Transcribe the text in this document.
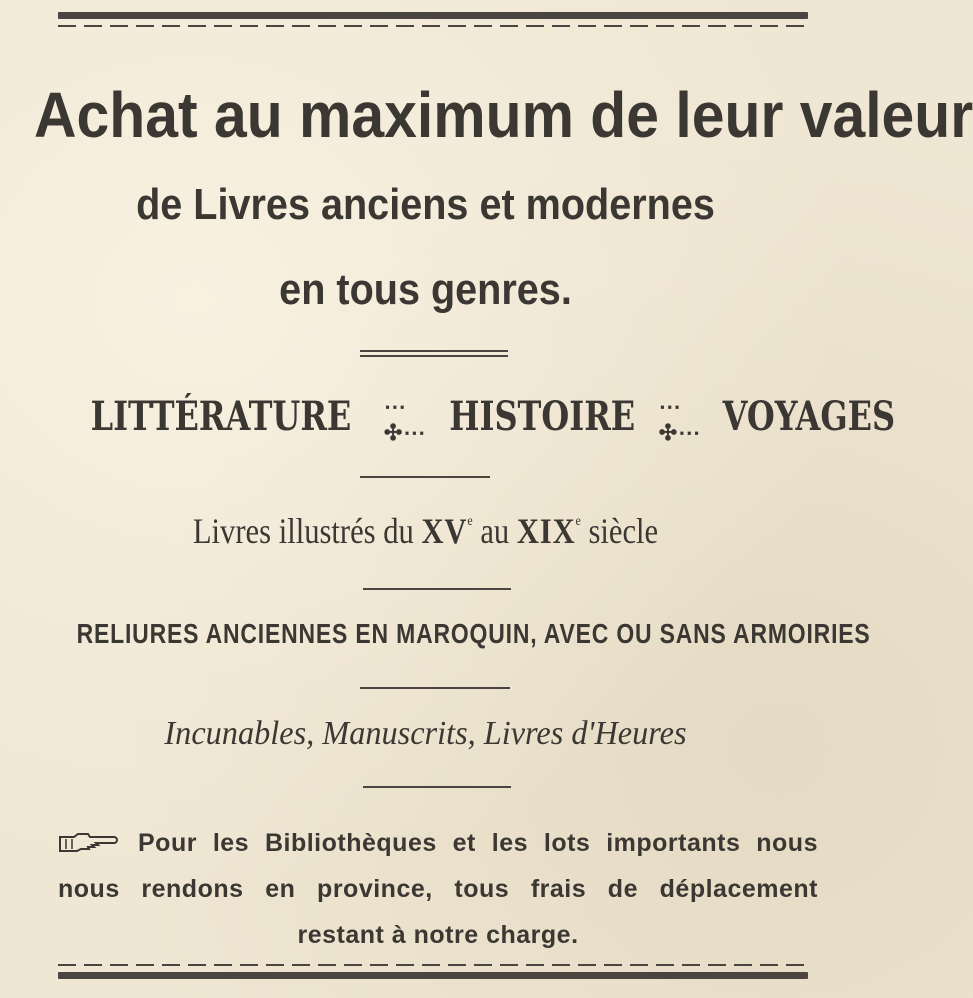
Achat au maximum de leur valeur
de Livres anciens et modernes
en tous genres.
LITTÉRATURE ⋯✣⋯ HISTOIRE ⋯✣⋯ VOYAGES
Livres illustrés du XVe au XIXe siècle
RELIURES ANCIENNES EN MAROQUIN, AVEC OU SANS ARMOIRIES
Incunables, Manuscrits, Livres d'Heures
Pour les Bibliothèques et les lots importants nous
nous rendons en province, tous frais de déplacement
restant à notre charge.
